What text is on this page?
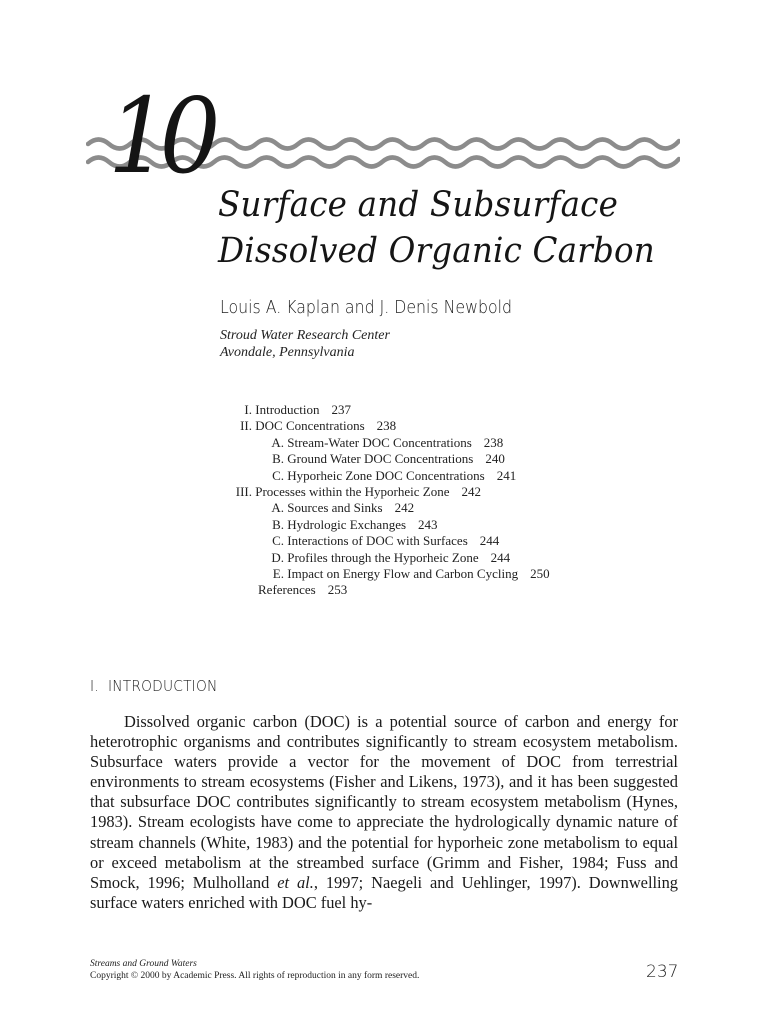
10
Surface and Subsurface
Dissolved Organic Carbon
Louis A. Kaplan and J. Denis Newbold
Stroud Water Research Center
Avondale, Pennsylvania
I. Introduction 237
II. DOC Concentrations 238
A. Stream-Water DOC Concentrations 238
B. Ground Water DOC Concentrations 240
C. Hyporheic Zone DOC Concentrations 241
III. Processes within the Hyporheic Zone 242
A. Sources and Sinks 242
B. Hydrologic Exchanges 243
C. Interactions of DOC with Surfaces 244
D. Profiles through the Hyporheic Zone 244
E. Impact on Energy Flow and Carbon Cycling 250
References 253
I.  INTRODUCTION

Dissolved organic carbon (DOC) is a potential source of carbon and energy for heterotrophic organisms and contributes significantly to stream ecosystem metabolism. Subsurface waters provide a vector for the movement of DOC from terrestrial environments to stream ecosystems (Fisher and Likens, 1973), and it has been suggested that subsurface DOC contributes significantly to stream ecosystem metabolism (Hynes, 1983). Stream ecologists have come to appreciate the hydrologically dynamic nature of stream channels (White, 1983) and the potential for hyporheic zone metabolism to equal or exceed metabolism at the streambed surface (Grimm and Fisher, 1984; Fuss and Smock, 1996; Mulholland et al., 1997; Naegeli and Uehlinger, 1997). Downwelling surface waters enriched with DOC fuel hy-

Streams and Ground Waters
Copyright © 2000 by Academic Press. All rights of reproduction in any form reserved.	237
